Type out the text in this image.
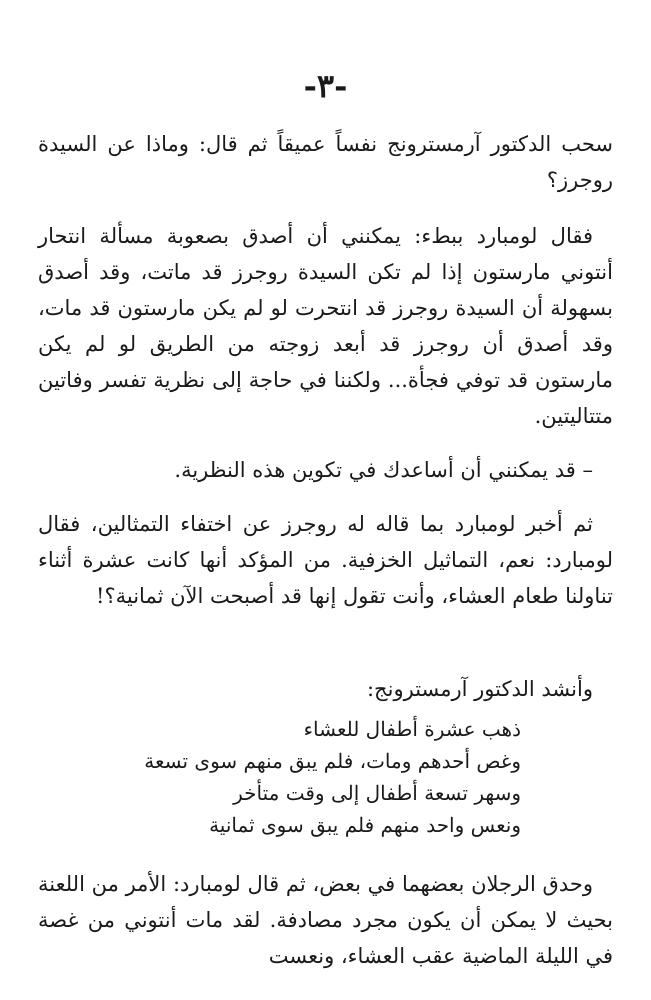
-٣-
سحب الدكتور آرمسترونج نفساً عميقاً ثم قال: وماذا عن السيدة روجرز؟
فقال لومبارد ببطء: يمكنني أن أصدق بصعوبة مسألة انتحار أنتوني مارستون إذا لم تكن السيدة روجرز قد ماتت، وقد أصدق بسهولة أن السيدة روجرز قد انتحرت لو لم يكن مارستون قد مات، وقد أصدق أن روجرز قد أبعد زوجته من الطريق لو لم يكن مارستون قد توفي فجأة... ولكننا في حاجة إلى نظرية تفسر وفاتين متتاليتين.
– قد يمكنني أن أساعدك في تكوين هذه النظرية.
ثم أخبر لومبارد بما قاله له روجرز عن اختفاء التمثالين، فقال لومبارد: نعم، التماثيل الخزفية. من المؤكد أنها كانت عشرة أثناء تناولنا طعام العشاء، وأنت تقول إنها قد أصبحت الآن ثمانية؟!
وأنشد الدكتور آرمسترونج:
ذهب عشرة أطفال للعشاء
وغص أحدهم ومات، فلم يبق منهم سوى تسعة
وسهر تسعة أطفال إلى وقت متأخر
ونعس واحد منهم فلم يبق سوى ثمانية
وحدق الرجلان بعضهما في بعض، ثم قال لومبارد: الأمر من اللعنة بحيث لا يمكن أن يكون مجرد مصادفة. لقد مات أنتوني من غصة في الليلة الماضية عقب العشاء، ونعست
